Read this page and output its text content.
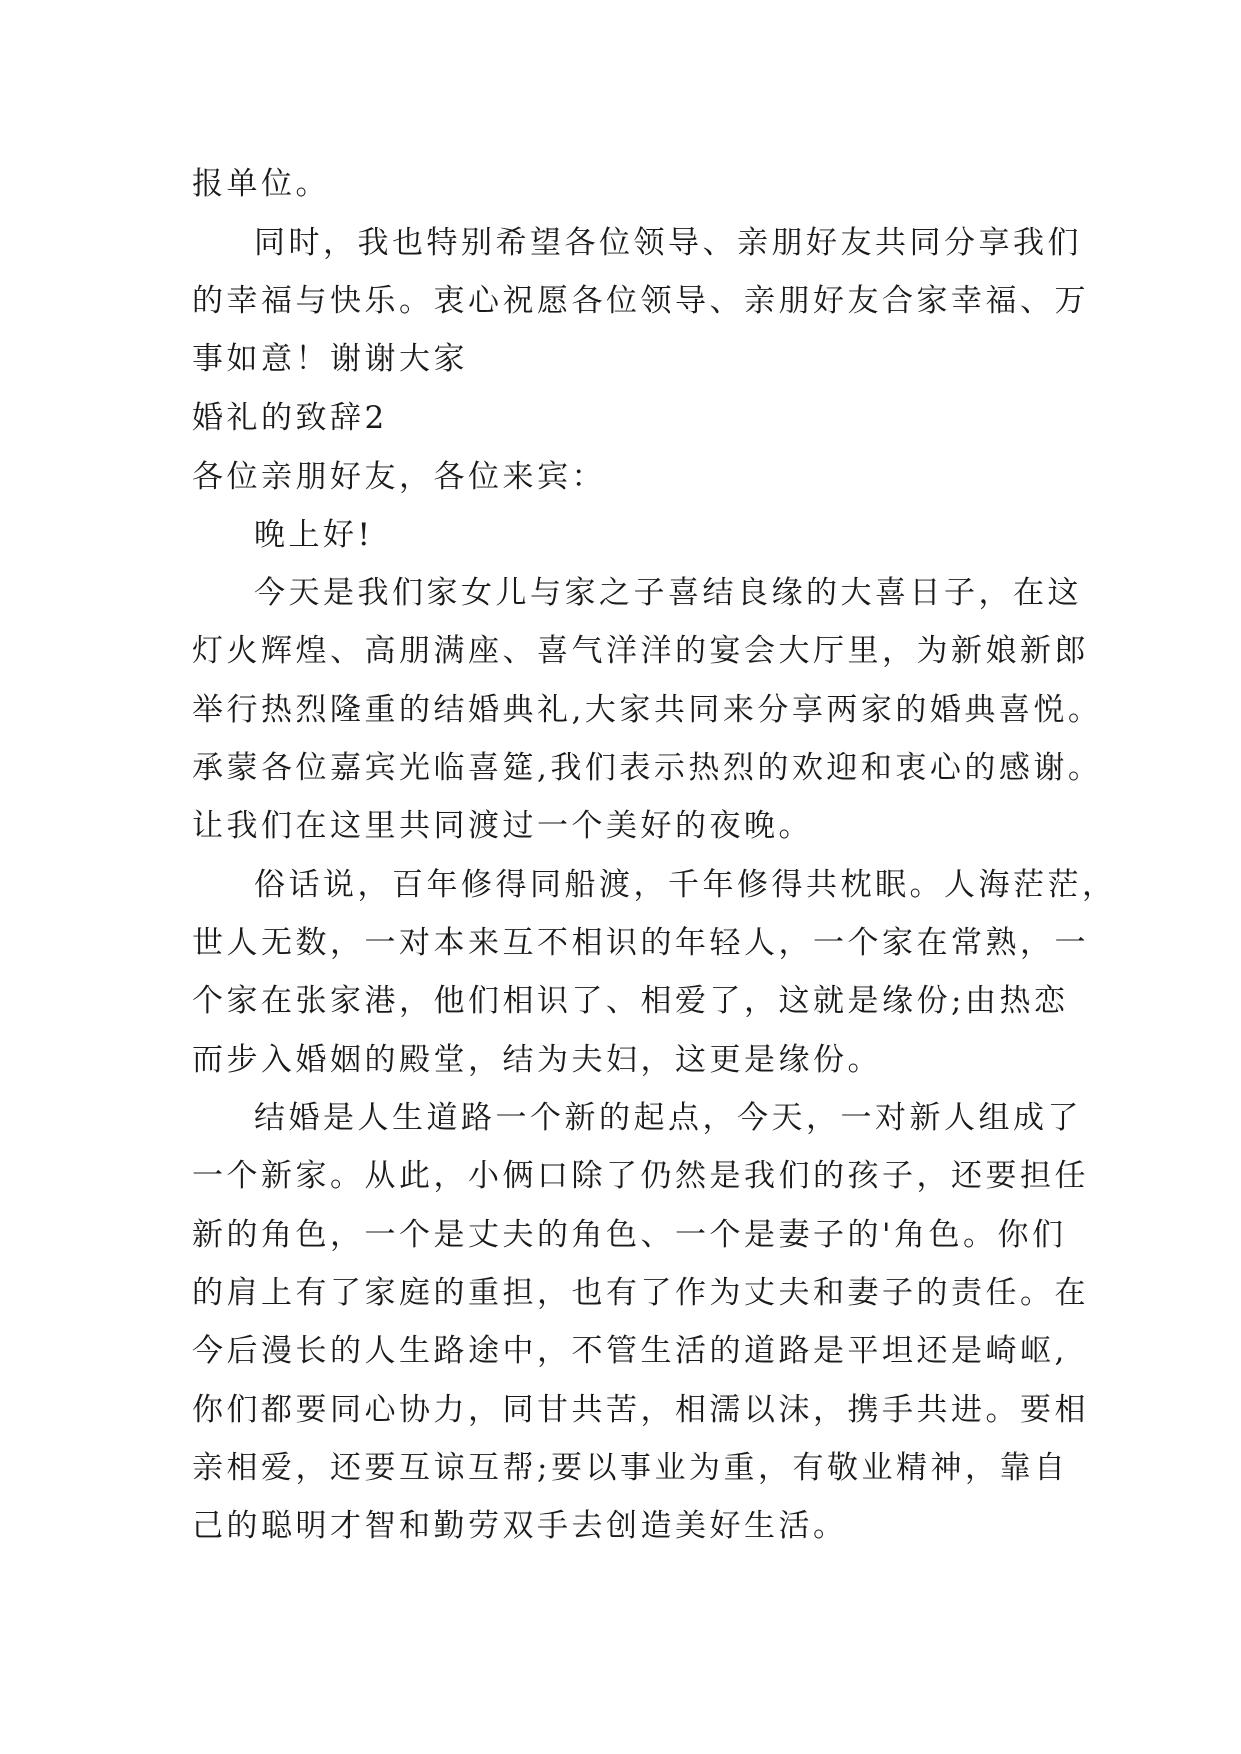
报单位。
同时，我也特别希望各位领导、亲朋好友共同分享我们
的幸福与快乐。衷心祝愿各位领导、亲朋好友合家幸福、万
事如意！谢谢大家
婚礼的致辞2
各位亲朋好友，各位来宾：
晚上好!
今天是我们家女儿与家之子喜结良缘的大喜日子，在这
灯火辉煌、高朋满座、喜气洋洋的宴会大厅里，为新娘新郎
举行热烈隆重的结婚典礼,大家共同来分享两家的婚典喜悦。
承蒙各位嘉宾光临喜筵,我们表示热烈的欢迎和衷心的感谢。
让我们在这里共同渡过一个美好的夜晚。
俗话说，百年修得同船渡，千年修得共枕眠。人海茫茫，
世人无数，一对本来互不相识的年轻人，一个家在常熟，一
个家在张家港，他们相识了、相爱了，这就是缘份;由热恋
而步入婚姻的殿堂，结为夫妇，这更是缘份。
结婚是人生道路一个新的起点，今天，一对新人组成了
一个新家。从此，小俩口除了仍然是我们的孩子，还要担任
新的角色，一个是丈夫的角色、一个是妻子的'角色。你们
的肩上有了家庭的重担，也有了作为丈夫和妻子的责任。在
今后漫长的人生路途中，不管生活的道路是平坦还是崎岖,
你们都要同心协力，同甘共苦，相濡以沫，携手共进。要相
亲相爱，还要互谅互帮;要以事业为重，有敬业精神，靠自
己的聪明才智和勤劳双手去创造美好生活。
